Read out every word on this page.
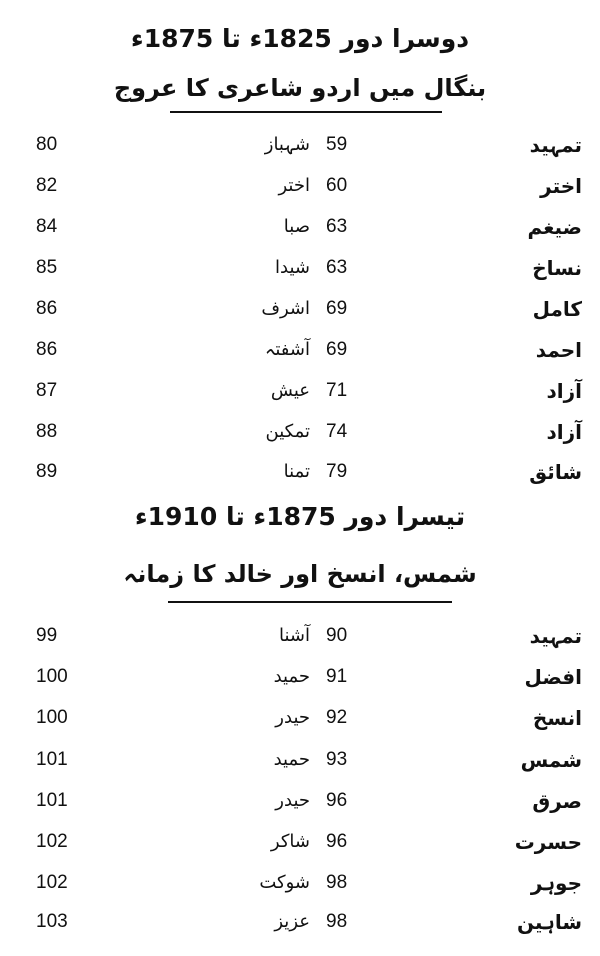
دوسرا دور 1825ء تا 1875ء
بنگال میں اردو شاعری کا عروج
80	شہباز 59	تمہید
82	اختر 60	اختر
84	صبا 63	ضیغم
85	شیدا 63	نساخ
86	اشرف 69	کامل
86	آشفتہ 69	احمد
87	عیش 71	آزاد
88	تمکین 74	آزاد
89	تمنا 79	شائق
تیسرا دور 1875ء تا 1910ء
شمس، انسخ اور خالد کا زمانہ
99	آشنا 90	تمہید
100	حمید 91	افضل
100	حیدر 92	انسخ
101	حمید 93	شمس
101	حیدر 96	صرق
102	شاکر 96	حسرت
102	شوکت 98	جوہر
103	عزیز 98	شاہین
